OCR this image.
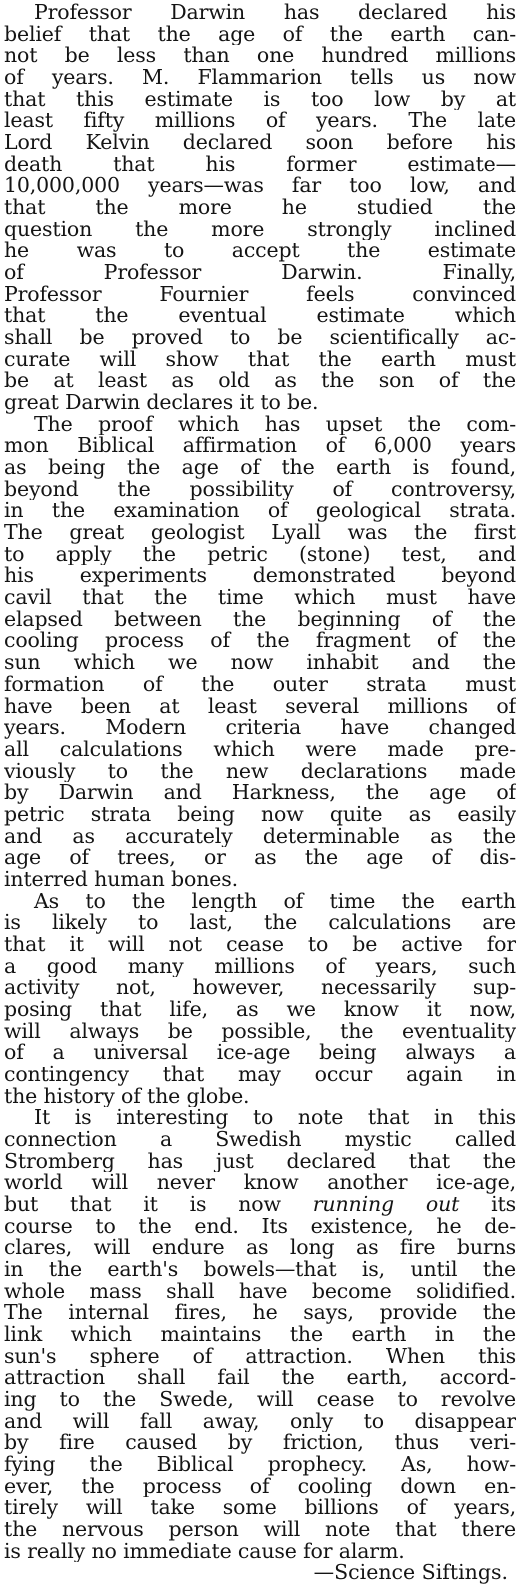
Professor Darwin has declared his
belief that the age of the earth can-
not be less than one hundred millions
of years. M. Flammarion tells us now
that this estimate is too low by at
least fifty millions of years. The late
Lord Kelvin declared soon before his
death that his former estimate—
10,000,000 years—was far too low, and
that the more he studied the
question the more strongly inclined
he was to accept the estimate
of Professor Darwin. Finally,
Professor Fournier feels convinced
that the eventual estimate which
shall be proved to be scientifically ac-
curate will show that the earth must
be at least as old as the son of the
great Darwin declares it to be.
The proof which has upset the com-
mon Biblical affirmation of 6,000 years
as being the age of the earth is found,
beyond the possibility of controversy,
in the examination of geological strata.
The great geologist Lyall was the first
to apply the petric (stone) test, and
his experiments demonstrated beyond
cavil that the time which must have
elapsed between the beginning of the
cooling process of the fragment of the
sun which we now inhabit and the
formation of the outer strata must
have been at least several millions of
years. Modern criteria have changed
all calculations which were made pre-
viously to the new declarations made
by Darwin and Harkness, the age of
petric strata being now quite as easily
and as accurately determinable as the
age of trees, or as the age of dis-
interred human bones.
As to the length of time the earth
is likely to last, the calculations are
that it will not cease to be active for
a good many millions of years, such
activity not, however, necessarily sup-
posing that life, as we know it now,
will always be possible, the eventuality
of a universal ice-age being always a
contingency that may occur again in
the history of the globe.
It is interesting to note that in this
connection a Swedish mystic called
Stromberg has just declared that the
world will never know another ice-age,
but that it is now running out its
course to the end. Its existence, he de-
clares, will endure as long as fire burns
in the earth's bowels—that is, until the
whole mass shall have become solidified.
The internal fires, he says, provide the
link which maintains the earth in the
sun's sphere of attraction. When this
attraction shall fail the earth, accord-
ing to the Swede, will cease to revolve
and will fall away, only to disappear
by fire caused by friction, thus veri-
fying the Biblical prophecy. As, how-
ever, the process of cooling down en-
tirely will take some billions of years,
the nervous person will note that there
is really no immediate cause for alarm.
—Science Siftings.
